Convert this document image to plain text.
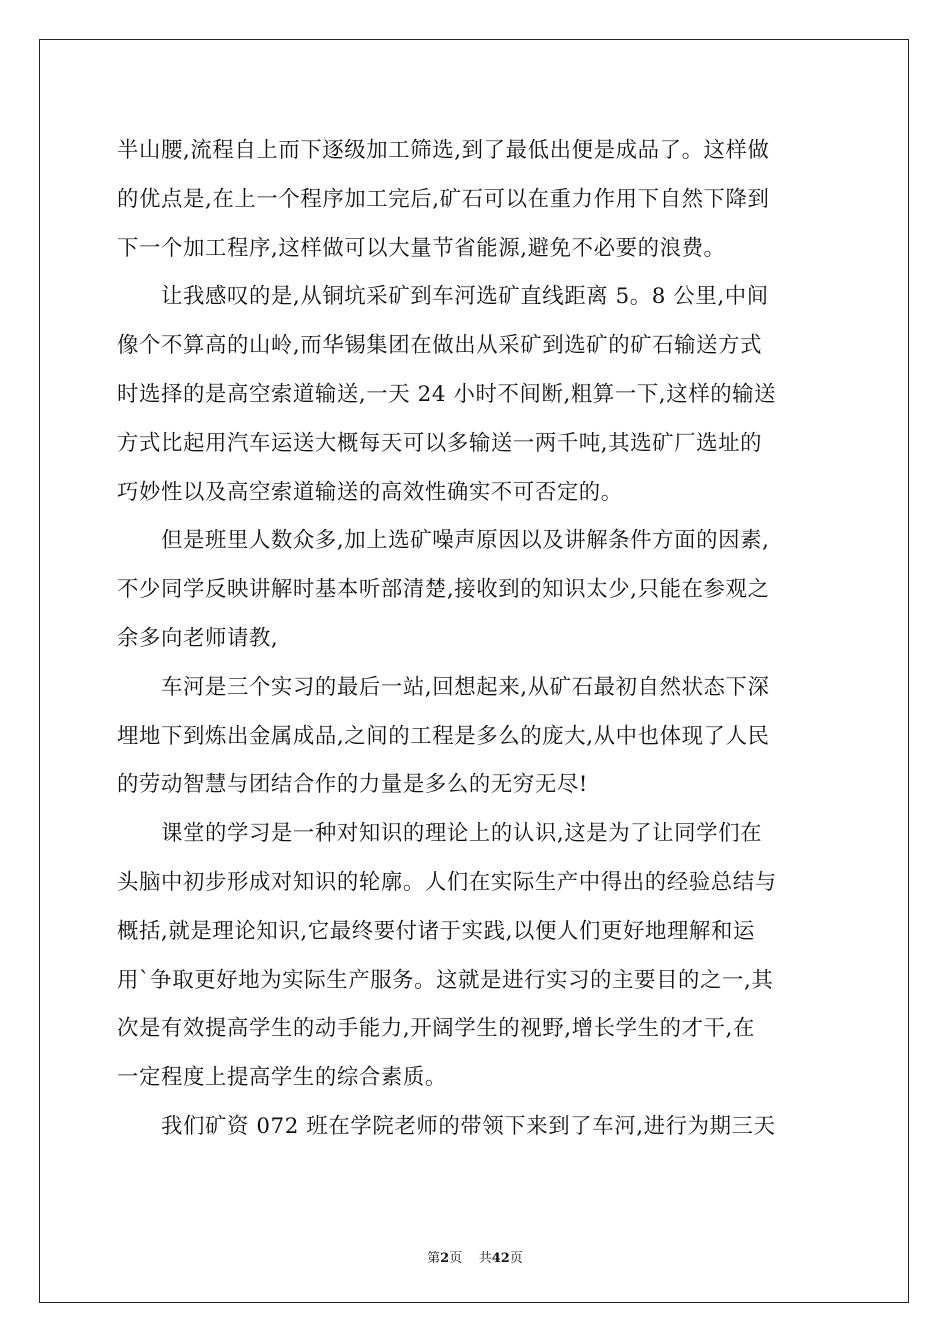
半山腰,流程自上而下逐级加工筛选,到了最低出便是成品了。这样做
的优点是,在上一个程序加工完后,矿石可以在重力作用下自然下降到
下一个加工程序,这样做可以大量节省能源,避免不必要的浪费。

　　让我感叹的是,从铜坑采矿到车河选矿直线距离 5。8 公里,中间
像个不算高的山岭,而华锡集团在做出从采矿到选矿的矿石输送方式
时选择的是高空索道输送,一天 24 小时不间断,粗算一下,这样的输送
方式比起用汽车运送大概每天可以多输送一两千吨,其选矿厂选址的
巧妙性以及高空索道输送的高效性确实不可否定的。

　　但是班里人数众多,加上选矿噪声原因以及讲解条件方面的因素,
不少同学反映讲解时基本听部清楚,接收到的知识太少,只能在参观之
余多向老师请教,

　　车河是三个实习的最后一站,回想起来,从矿石最初自然状态下深
埋地下到炼出金属成品,之间的工程是多么的庞大,从中也体现了人民
的劳动智慧与团结合作的力量是多么的无穷无尽!

　　课堂的学习是一种对知识的理论上的认识,这是为了让同学们在
头脑中初步形成对知识的轮廓。人们在实际生产中得出的经验总结与
概括,就是理论知识,它最终要付诸于实践,以便人们更好地理解和运
用`争取更好地为实际生产服务。这就是进行实习的主要目的之一,其
次是有效提高学生的动手能力,开阔学生的视野,增长学生的才干,在
一定程度上提高学生的综合素质。

　　我们矿资 072 班在学院老师的带领下来到了车河,进行为期三天

第2页 共42页
